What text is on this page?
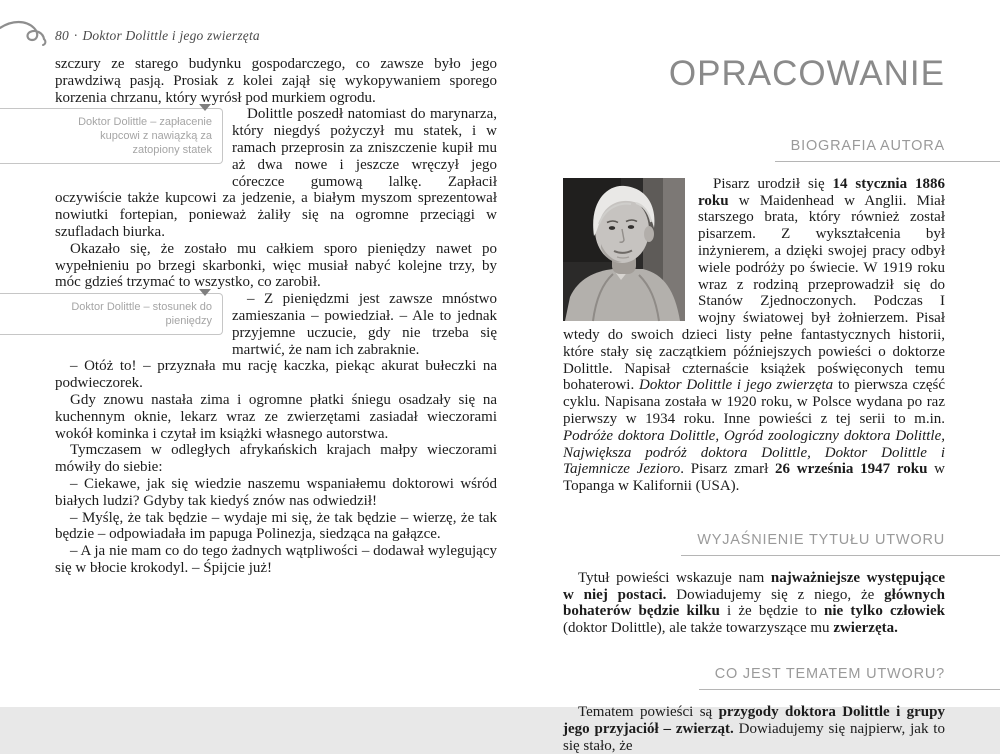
80 · Doktor Dolittle i jego zwierzęta

szczury ze starego budynku gospodarczego, co zawsze było jego prawdziwą pasją. Prosiak z kolei zajął się wykopywaniem sporego korzenia chrzanu, który wyrósł pod murkiem ogrodu.

Doktor Dolittle – zapłacenie kupcowi z nawiązką za zatopiony statek
Dolittle poszedł natomiast do marynarza, który niegdyś pożyczył mu statek, i w ramach przeprosin za zniszczenie kupił mu aż dwa nowe i jeszcze wręczył jego córeczce gumową lalkę. Zapłacił oczywiście także kupcowi za jedzenie, a białym myszom sprezentował nowiutki fortepian, ponieważ żaliły się na ogromne przeciągi w szufladach biurka.

Okazało się, że zostało mu całkiem sporo pieniędzy nawet po wypełnieniu po brzegi skarbonki, więc musiał nabyć kolejne trzy, by móc gdzieś trzymać to wszystko, co zarobił.

Doktor Dolittle – stosunek do pieniędzy
– Z pieniędzmi jest zawsze mnóstwo zamieszania – powiedział. – Ale to jednak przyjemne uczucie, gdy nie trzeba się martwić, że nam ich zabraknie.

– Otóż to! – przyznała mu rację kaczka, piekąc akurat bułeczki na podwieczorek.

Gdy znowu nastała zima i ogromne płatki śniegu osadzały się na kuchennym oknie, lekarz wraz ze zwierzętami zasiadał wieczorami wokół kominka i czytał im książki własnego autorstwa.

Tymczasem w odległych afrykańskich krajach małpy wieczorami mówiły do siebie:

– Ciekawe, jak się wiedzie naszemu wspaniałemu doktorowi wśród białych ludzi? Gdyby tak kiedyś znów nas odwiedził!

– Myślę, że tak będzie – wydaje mi się, że tak będzie – wierzę, że tak będzie – odpowiadała im papuga Polinezja, siedząca na gałązce.

– A ja nie mam co do tego żadnych wątpliwości – dodawał wylegujący się w błocie krokodyl. – Śpijcie już!

OPRACOWANIE
BIOGRAFIA AUTORA

Pisarz urodził się 14 stycznia 1886 roku w Maidenhead w Anglii. Miał starszego brata, który również został pisarzem. Z wykształcenia był inżynierem, a dzięki swojej pracy odbył wiele podróży po świecie. W 1919 roku wraz z rodziną przeprowadził się do Stanów Zjednoczonych. Podczas I wojny światowej był żołnierzem. Pisał wtedy do swoich dzieci listy pełne fantastycznych historii, które stały się zaczątkiem późniejszych powieści o doktorze Dolittle. Napisał czternaście książek poświęconych temu bohaterowi. Doktor Dolittle i jego zwierzęta to pierwsza część cyklu. Napisana została w 1920 roku, w Polsce wydana po raz pierwszy w 1934 roku. Inne powieści z tej serii to m.in. Podróże doktora Dolittle, Ogród zoologiczny doktora Dolittle, Największa podróż doktora Dolittle, Doktor Dolittle i Tajemnicze Jezioro. Pisarz zmarł 26 września 1947 roku w Topanga w Kalifornii (USA).

WYJAŚNIENIE TYTUŁU UTWORU

Tytuł powieści wskazuje nam najważniejsze występujące w niej postaci. Dowiadujemy się z niego, że głównych bohaterów będzie kilku i że będzie to nie tylko człowiek (doktor Dolittle), ale także towarzyszące mu zwierzęta.

CO JEST TEMATEM UTWORU?

Tematem powieści są przygody doktora Dolittle i grupy jego przyjaciół – zwierząt. Dowiadujemy się najpierw, jak to się stało, że
